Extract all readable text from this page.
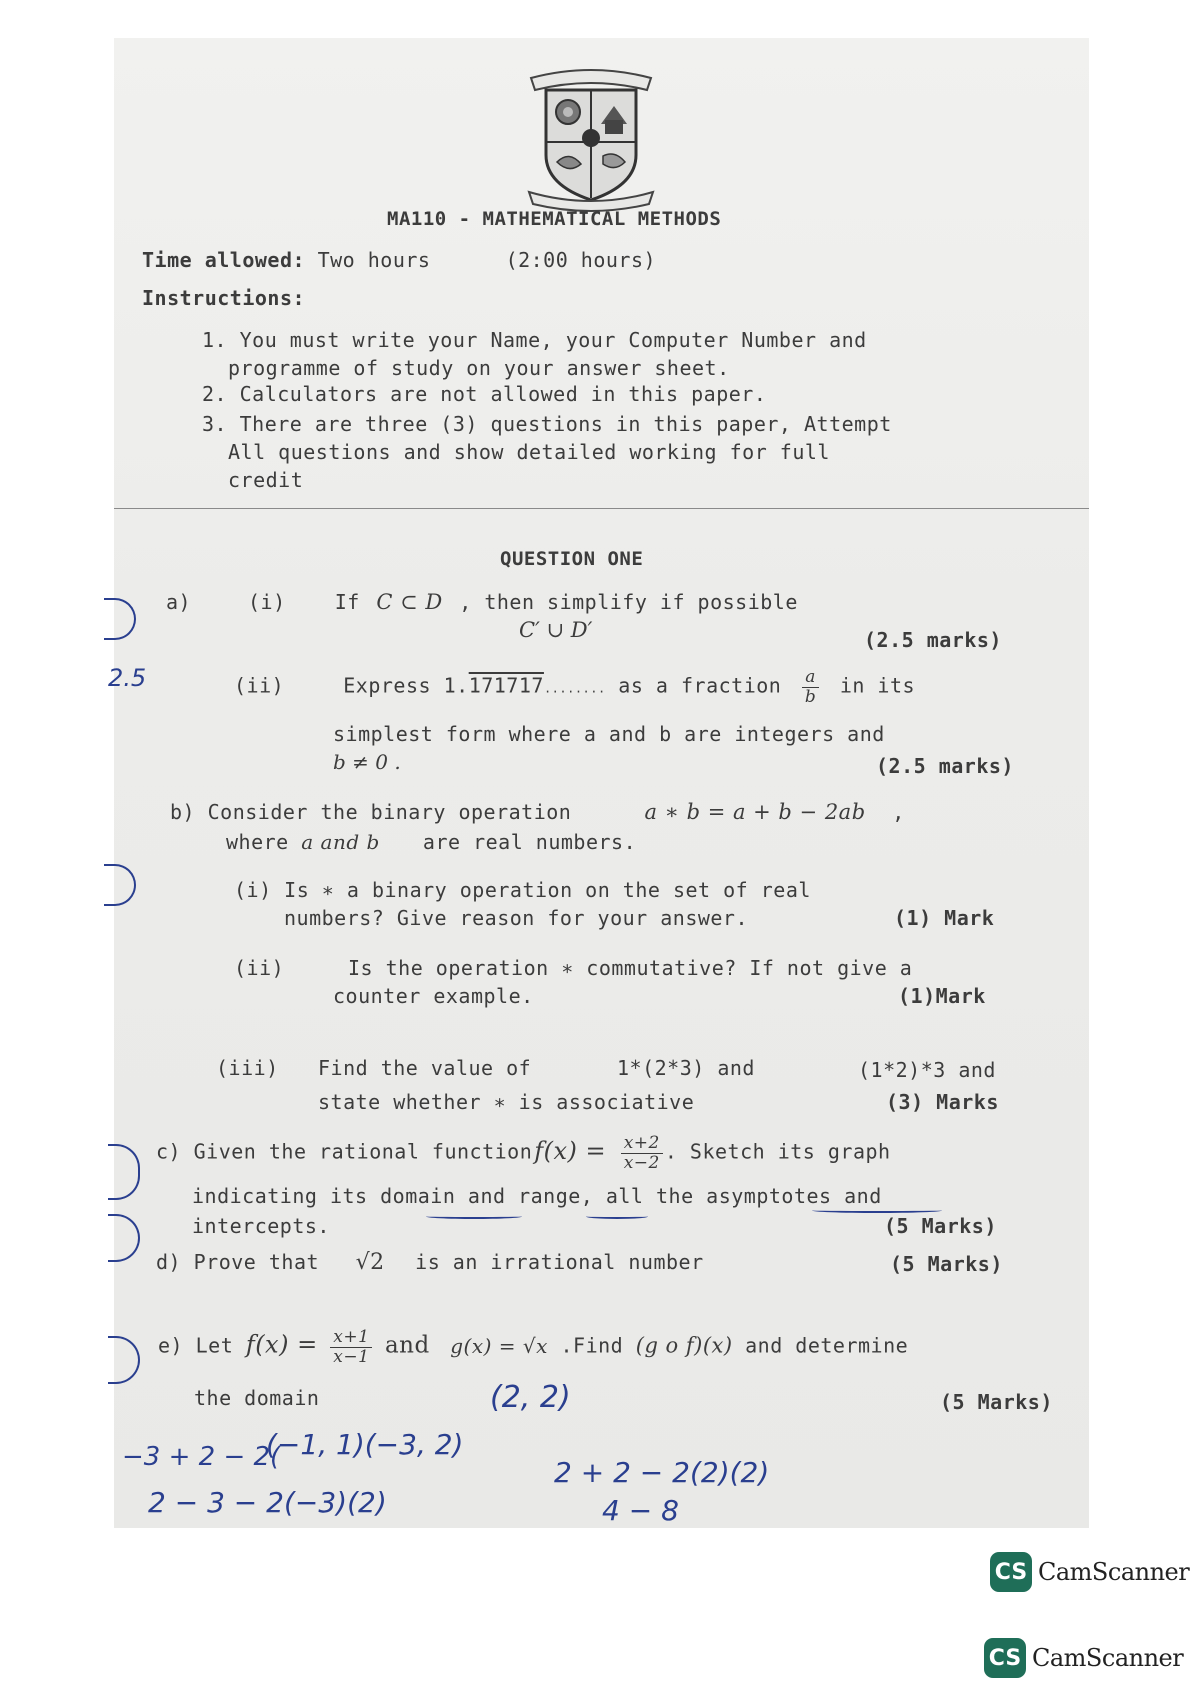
MA110 - MATHEMATICAL METHODS
Time allowed: Two hours	(2:00 hours)
Instructions:
1. You must write your Name, your Computer Number and
programme of study on your answer sheet.
2. Calculators are not allowed in this paper.
3. There are three (3) questions in this paper, Attempt
All questions and show detailed working for full
credit
QUESTION ONE
a)	(i) If C ⊂ D , then simplify if possible
C′ ∪ D′	(2.5 marks)
(ii)	Express 1.171717........ as a fraction $\frac{a}{b}$ in its
simplest form where a and b are integers and
b ≠ 0 .	(2.5 marks)
b) Consider the binary operation	a ∗ b = a + b − 2ab ,
where a and b are real numbers.
(i) Is ∗ a binary operation on the set of real
numbers? Give reason for your answer.	(1) Mark
(ii)	Is the operation ∗ commutative? If not give a
counter example.	(1)Mark
(iii) Find the value of	1*(2*3) and	(1*2)*3 and
state whether ∗ is associative	(3) Marks
c) Given the rational functionf(x) = $\frac{x+2}{x-2}$ . Sketch its graph
indicating its domain and range, all the asymptotes and
intercepts.	(5 Marks)
d) Prove that √2 is an irrational number	(5 Marks)
e) Let $f(x) = \frac{x+1}{x-1}$ and g(x) = √x .Find (g o f)(x) and determine
the domain	(5 Marks)
2.5
(2, 2)
(−1, 1)(−3, 2)
−3 + 2 − 2(
2 − 3 − 2(−3)(2)
2 + 2 − 2(2)(2)
4 − 8
CS CamScanner
CS CamScanner
